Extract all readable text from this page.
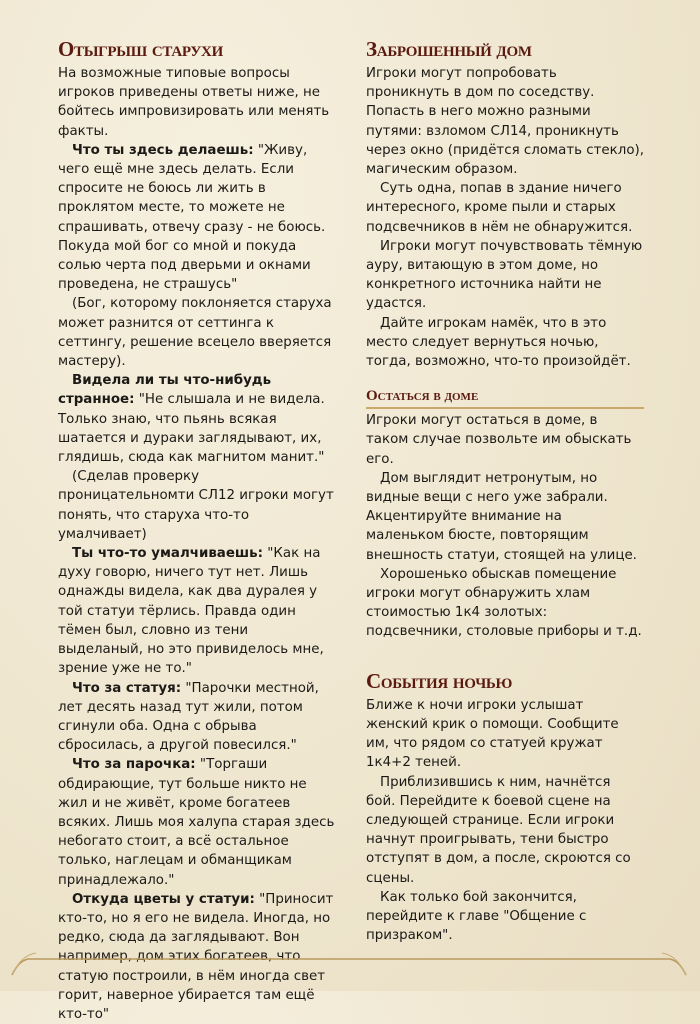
Отыгрыш старухи

На возможные типовые вопросы игроков приведены ответы ниже, не бойтесь импровизировать или менять факты.

Что ты здесь делаешь: "Живу, чего ещё мне здесь делать. Если спросите не боюсь ли жить в проклятом месте, то можете не спрашивать, отвечу сразу - не боюсь. Покуда мой бог со мной и покуда солью черта под дверьми и окнами проведена, не страшусь"

(Бог, которому поклоняется старуха может разнится от сеттинга к сеттингу, решение всецело вверяется мастеру).

Видела ли ты что-нибудь странное: "Не слышала и не видела. Только знаю, что пьянь всякая шатается и дураки заглядывают, их, глядишь, сюда как магнитом манит."

(Сделав проверку проницательномти СЛ12 игроки могут понять, что старуха что-то умалчивает)

Ты что-то умалчиваешь: "Как на духу говорю, ничего тут нет. Лишь однажды видела, как два дуралея у той статуи тёрлись. Правда один тёмен был, словно из тени выделаный, но это привиделось мне, зрение уже не то."

Что за статуя: "Парочки местной, лет десять назад тут жили, потом сгинули оба. Одна с обрыва сбросилась, а другой повесился."

Что за парочка: "Торгаши обдирающие, тут больше никто не жил и не живёт, кроме богатеев всяких. Лишь моя халупа старая здесь небогато стоит, а всё остальное только, наглецам и обманщикам принадлежало."

Откуда цветы у статуи: "Приносит кто-то, но я его не видела. Иногда, но редко, сюда да заглядывают. Вон например, дом этих богатеев, что статую построили, в нём иногда свет горит, наверное убирается там ещё кто-то"

Заброшенный дом

Игроки могут попробовать проникнуть в дом по соседству. Попасть в него можно разными путями: взломом СЛ14, проникнуть через окно (придётся сломать стекло), магическим образом.

Суть одна, попав в здание ничего интересного, кроме пыли и старых подсвечников в нём не обнаружится.

Игроки могут почувствовать тёмную ауру, витающую в этом доме, но конкретного источника найти не удастся.

Дайте игрокам намёк, что в это место следует вернуться ночью, тогда, возможно, что-то произойдёт.

Остаться в доме

Игроки могут остаться в доме, в таком случае позвольте им обыскать его.

Дом выглядит нетронутым, но видные вещи с него уже забрали. Акцентируйте внимание на маленьком бюсте, повторящим внешность статуи, стоящей на улице.

Хорошенько обыскав помещение игроки могут обнаружить хлам стоимостью 1к4 золотых: подсвечники, столовые приборы и т.д.

События ночью

Ближе к ночи игроки услышат женский крик о помощи. Сообщите им, что рядом со статуей кружат 1к4+2 теней.

Приблизившись к ним, начнётся бой. Перейдите к боевой сцене на следующей странице. Если игроки начнут проигрывать, тени быстро отступят в дом, а после, скроются со сцены.

Как только бой закончится, перейдите к главе "Общение с призраком".
